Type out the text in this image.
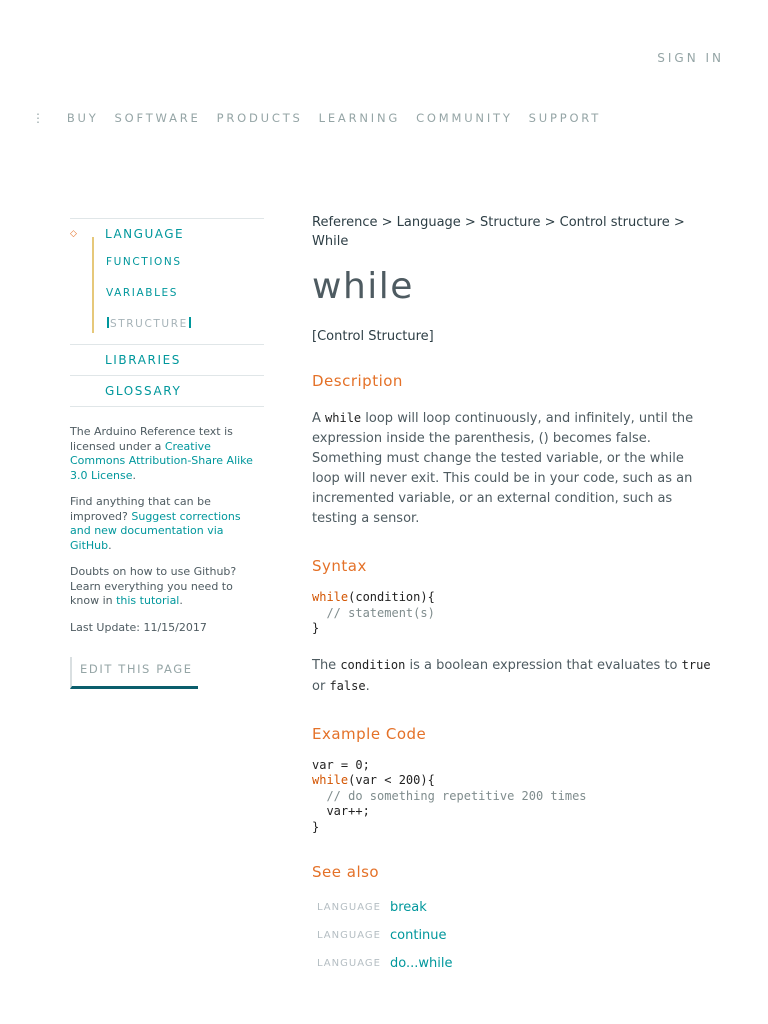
SIGN IN
⋮ BUY SOFTWARE PRODUCTS LEARNING COMMUNITY SUPPORT
◇ LANGUAGE
FUNCTIONS
VARIABLES
STRUCTURE
LIBRARIES
GLOSSARY
The Arduino Reference text is licensed under a Creative Commons Attribution-Share Alike 3.0 License.
Find anything that can be improved? Suggest corrections and new documentation via GitHub.
Doubts on how to use Github? Learn everything you need to know in this tutorial.
Last Update: 11/15/2017
EDIT THIS PAGE
Reference > Language > Structure > Control structure > While
while
[Control Structure]
Description
A while loop will loop continuously, and infinitely, until the expression inside the parenthesis, () becomes false. Something must change the tested variable, or the while loop will never exit. This could be in your code, such as an incremented variable, or an external condition, such as testing a sensor.
Syntax
while(condition){
// statement(s)
}
The condition is a boolean expression that evaluates to true or false.
Example Code
var = 0;
while(var < 200){
// do something repetitive 200 times
var++;
}
See also
LANGUAGE break
LANGUAGE continue
LANGUAGE do...while
